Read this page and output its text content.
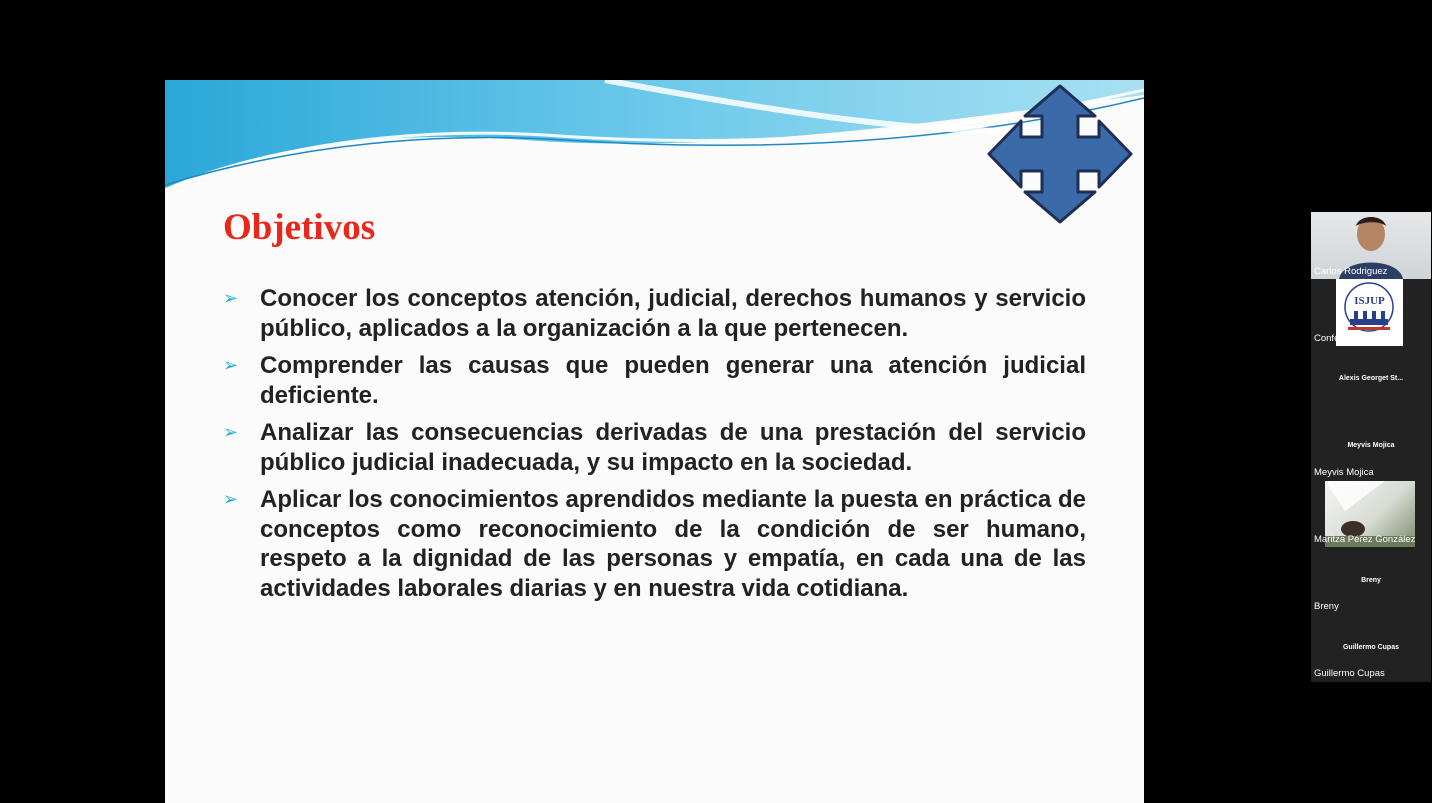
Objetivos
➢ Conocer los conceptos atención, judicial, derechos humanos y servicio público, aplicados a la organización a la que pertenecen.
➢ Comprender las causas que pueden generar una atención judicial deficiente.
➢ Analizar las consecuencias derivadas de una prestación del servicio público judicial inadecuada, y su impacto en la sociedad.
➢ Aplicar los conocimientos aprendidos mediante la puesta en práctica de conceptos como reconocimiento de la condición de ser humano, respeto a la dignidad de las personas y empatía, en cada una de las actividades laborales diarias y en nuestra vida cotidiana.
Carlos Rodriguez
ISJUP
Conferencias Isjup
Alexis Georget St...
Meyvis Mojica
Meyvis Mojica
Maritza Pérez González
Breny
Breny
Guillermo Cupas
Guillermo Cupas
